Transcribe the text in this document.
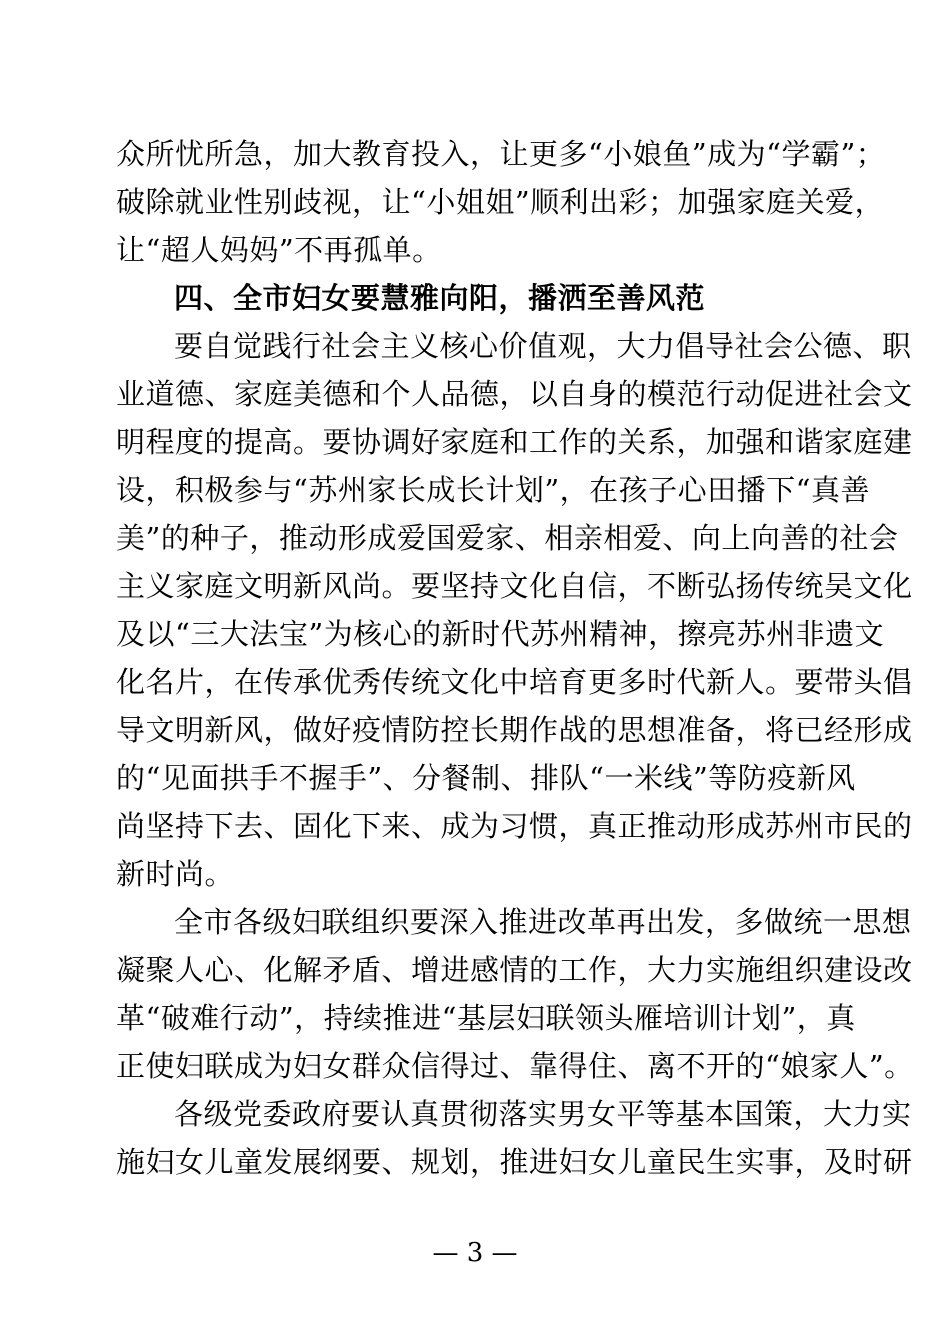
众所忧所急，加大教育投入，让更多“小娘鱼”成为“学霸”；
破除就业性别歧视，让“小姐姐”顺利出彩；加强家庭关爱，
让“超人妈妈”不再孤单。
四、全市妇女要慧雅向阳，播洒至善风范
要自觉践行社会主义核心价值观，大力倡导社会公德、职
业道德、家庭美德和个人品德，以自身的模范行动促进社会文
明程度的提高。要协调好家庭和工作的关系，加强和谐家庭建
设，积极参与“苏州家长成长计划”，在孩子心田播下“真善
美”的种子，推动形成爱国爱家、相亲相爱、向上向善的社会
主义家庭文明新风尚。要坚持文化自信，不断弘扬传统吴文化
及以“三大法宝”为核心的新时代苏州精神，擦亮苏州非遗文
化名片，在传承优秀传统文化中培育更多时代新人。要带头倡
导文明新风，做好疫情防控长期作战的思想准备，将已经形成
的“见面拱手不握手”、分餐制、排队“一米线”等防疫新风
尚坚持下去、固化下来、成为习惯，真正推动形成苏州市民的
新时尚。
全市各级妇联组织要深入推进改革再出发，多做统一思想
凝聚人心、化解矛盾、增进感情的工作，大力实施组织建设改
革“破难行动”，持续推进“基层妇联领头雁培训计划”，真
正使妇联成为妇女群众信得过、靠得住、离不开的“娘家人”。
各级党委政府要认真贯彻落实男女平等基本国策，大力实
施妇女儿童发展纲要、规划，推进妇女儿童民生实事，及时研
— 3 —
